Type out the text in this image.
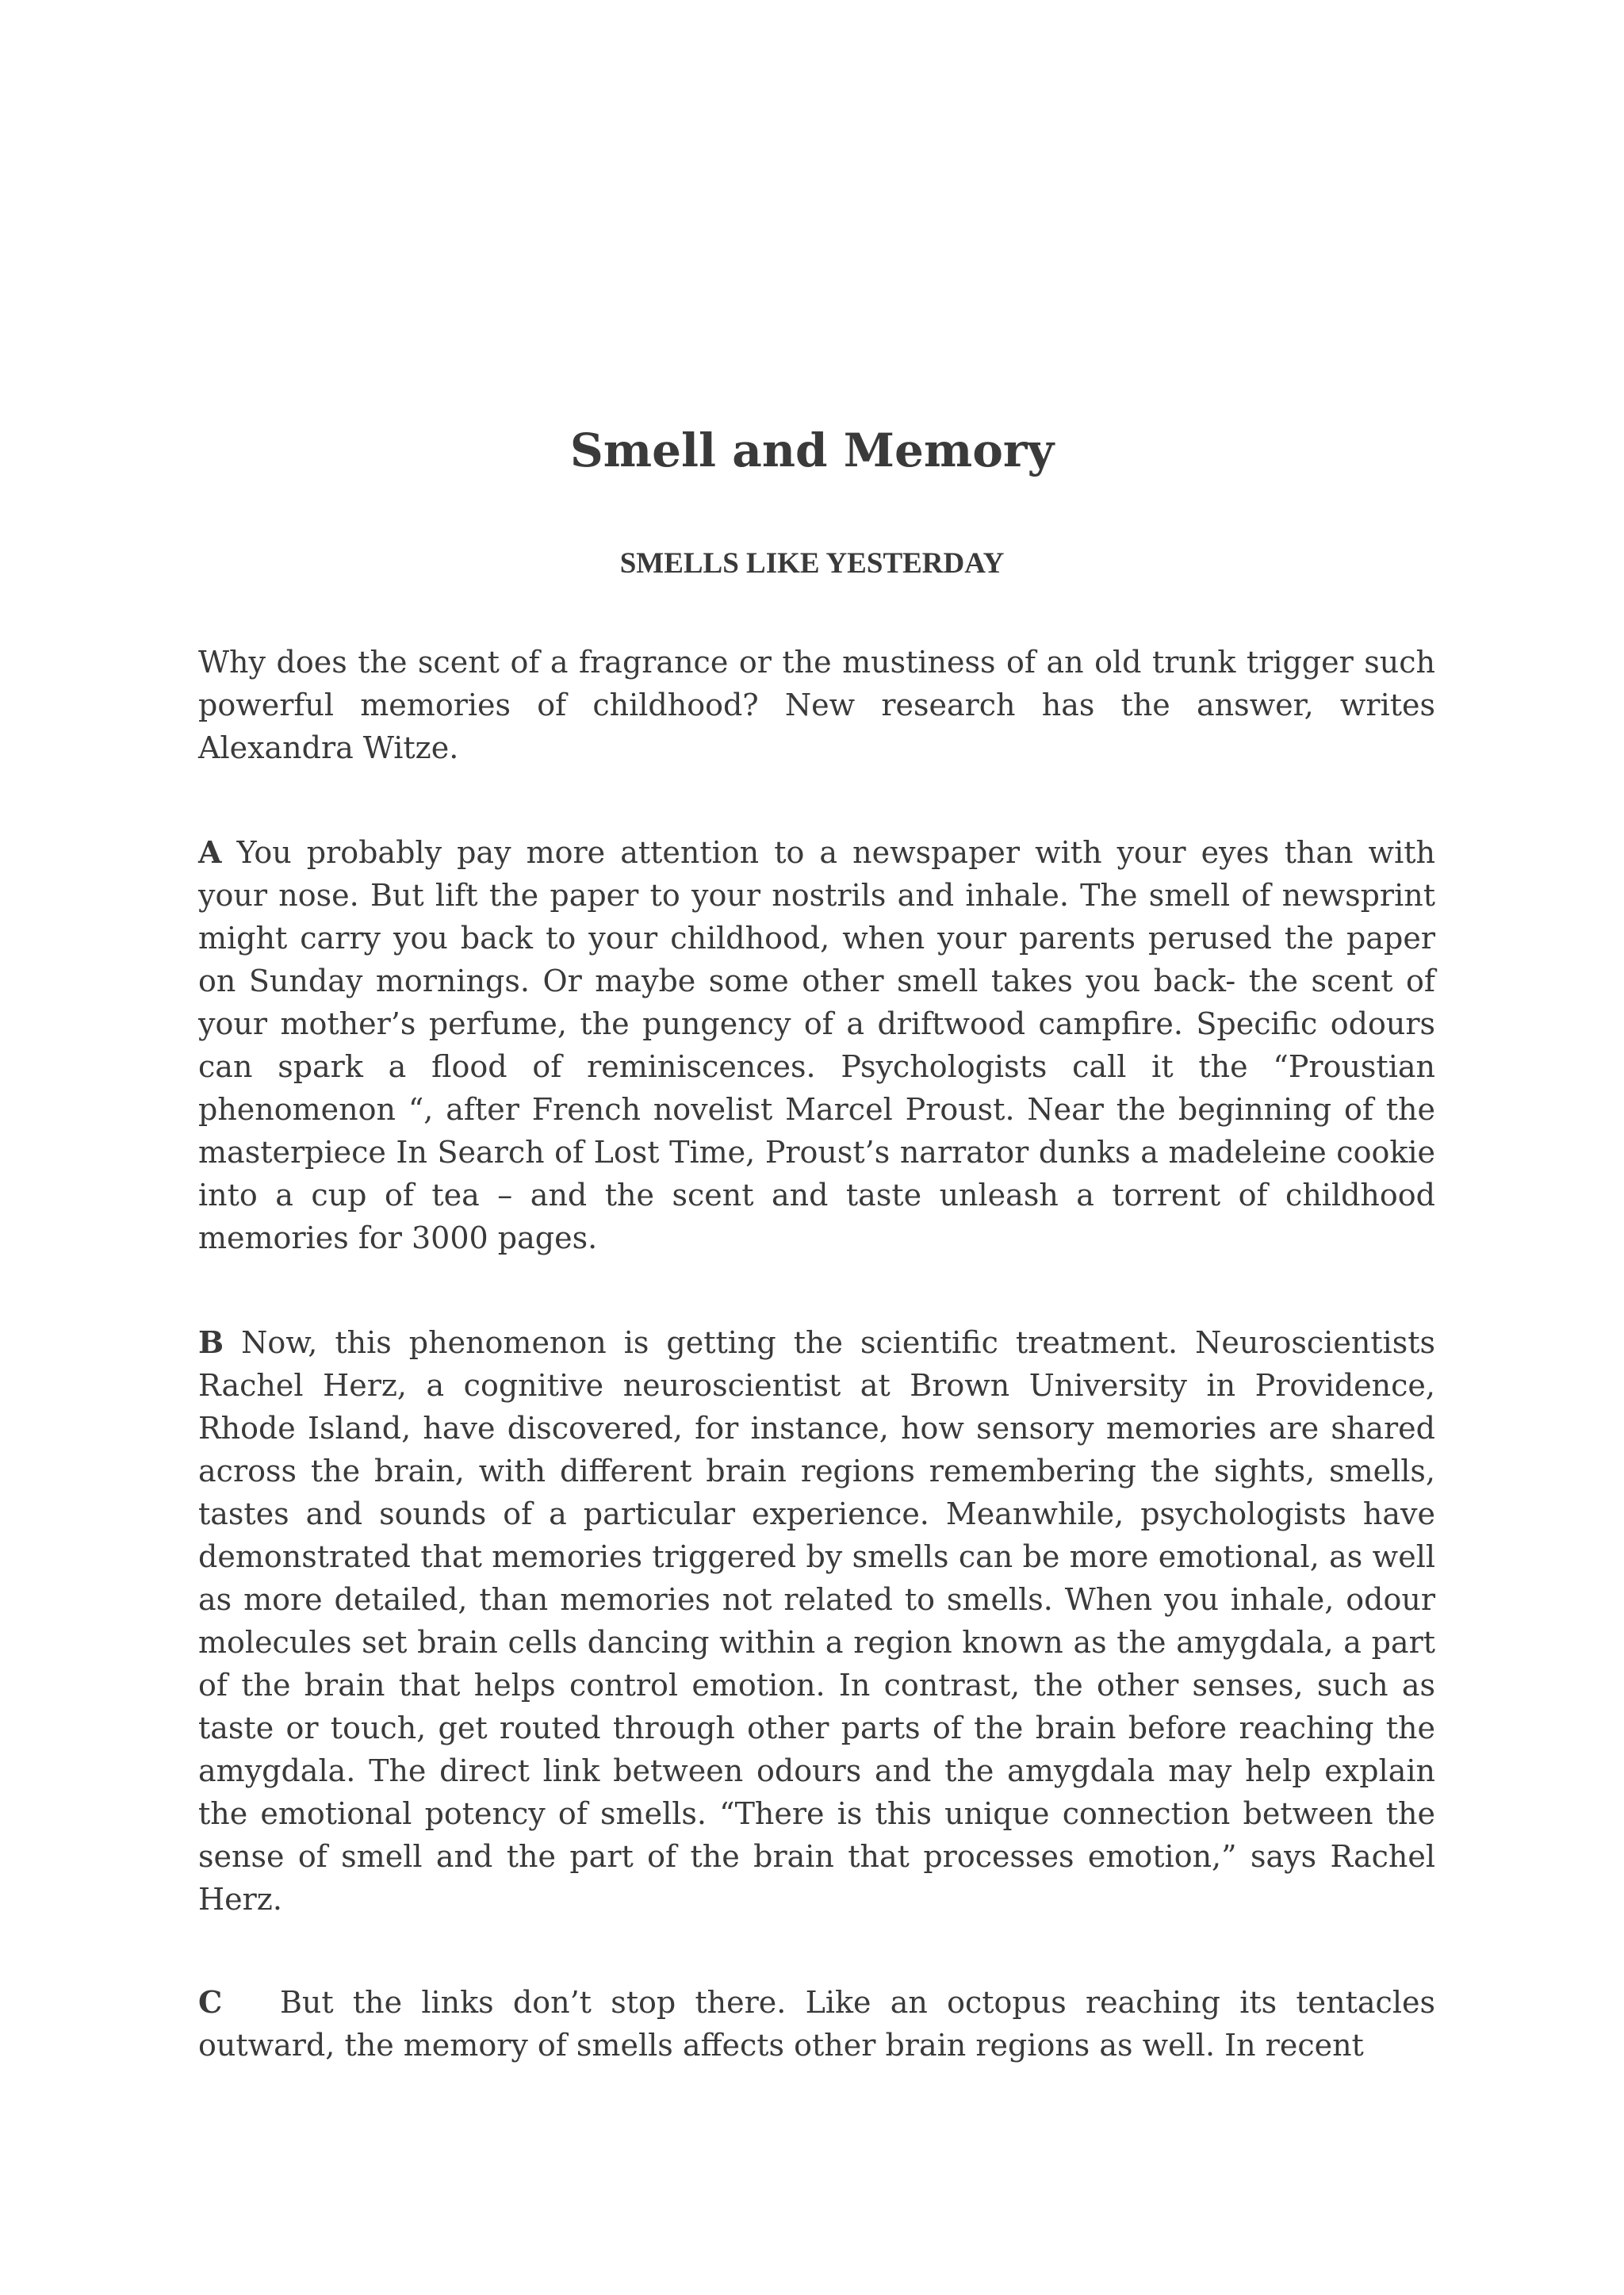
Smell and Memory
SMELLS LIKE YESTERDAY

Why does the scent of a fragrance or the mustiness of an old trunk trigger such powerful memories of childhood? New research has the answer, writes Alexandra Witze.

A You probably pay more attention to a newspaper with your eyes than with your nose. But lift the paper to your nostrils and inhale. The smell of newsprint might carry you back to your childhood, when your parents perused the paper on Sunday mornings. Or maybe some other smell takes you back- the scent of your mother’s perfume, the pungency of a driftwood campfire. Specific odours can spark a flood of reminiscences. Psychologists call it the “Proustian phenomenon “, after French novelist Marcel Proust. Near the beginning of the masterpiece In Search of Lost Time, Proust’s narrator dunks a madeleine cookie into a cup of tea – and the scent and taste unleash a torrent of childhood memories for 3000 pages.

B Now, this phenomenon is getting the scientific treatment. Neuroscientists Rachel Herz, a cognitive neuroscientist at Brown University in Providence, Rhode Island, have discovered, for instance, how sensory memories are shared across the brain, with different brain regions remembering the sights, smells, tastes and sounds of a particular experience. Meanwhile, psychologists have demonstrated that memories triggered by smells can be more emotional, as well as more detailed, than memories not related to smells. When you inhale, odour molecules set brain cells dancing within a region known as the amygdala, a part of the brain that helps control emotion. In contrast, the other senses, such as taste or touch, get routed through other parts of the brain before reaching the amygdala. The direct link between odours and the amygdala may help explain the emotional potency of smells. “There is this unique connection between the sense of smell and the part of the brain that processes emotion,” says Rachel Herz.

C But the links don’t stop there. Like an octopus reaching its tentacles outward, the memory of smells affects other brain regions as well. In recent
